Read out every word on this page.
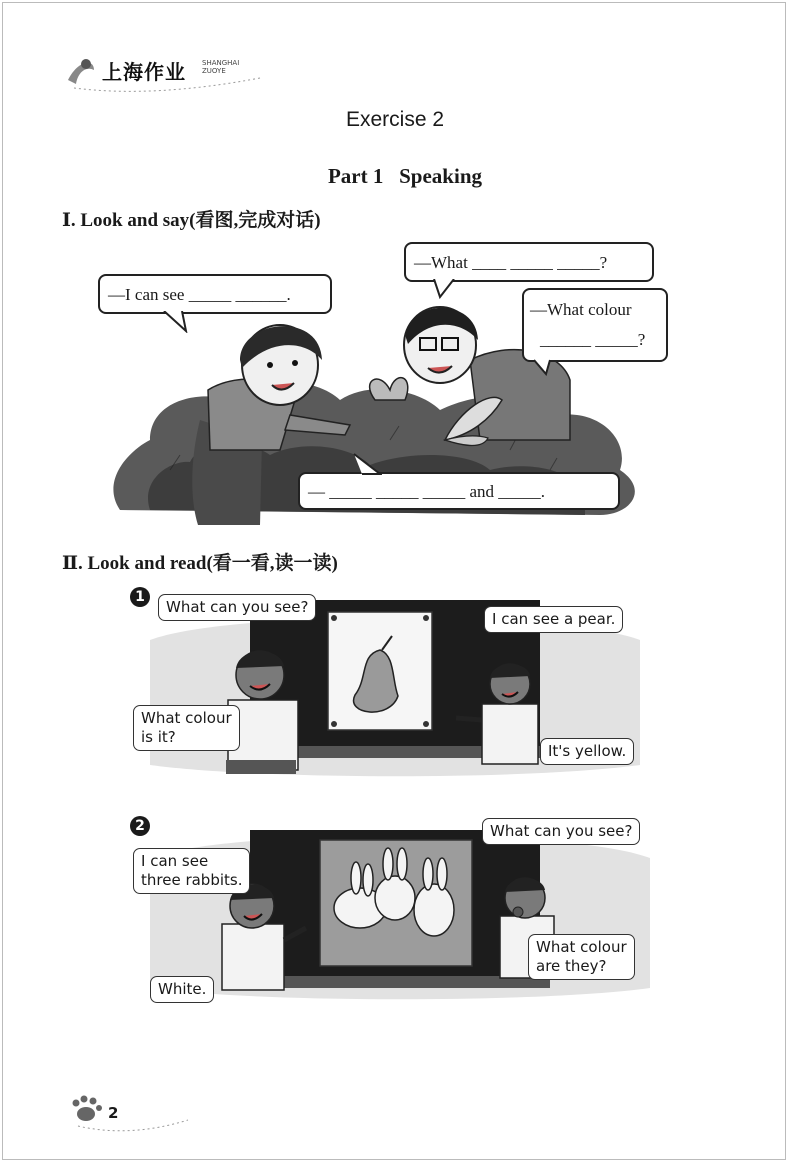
上海作业 SHANGHAI
ZUOYE
Exercise 2
Part 1   Speaking
Ⅰ. Look and say(看图,完成对话)
—What ____ _____ _____?
—I can see _____ ______.
—What colour
______ _____?
— _____ _____ _____ and _____.
Ⅱ. Look and read(看一看,读一读)
1
What can you see?
I can see a pear.
What colour
is it?
It's yellow.
2	What can you see?
I can see
three rabbits.
What colour
are they?
White.
2
